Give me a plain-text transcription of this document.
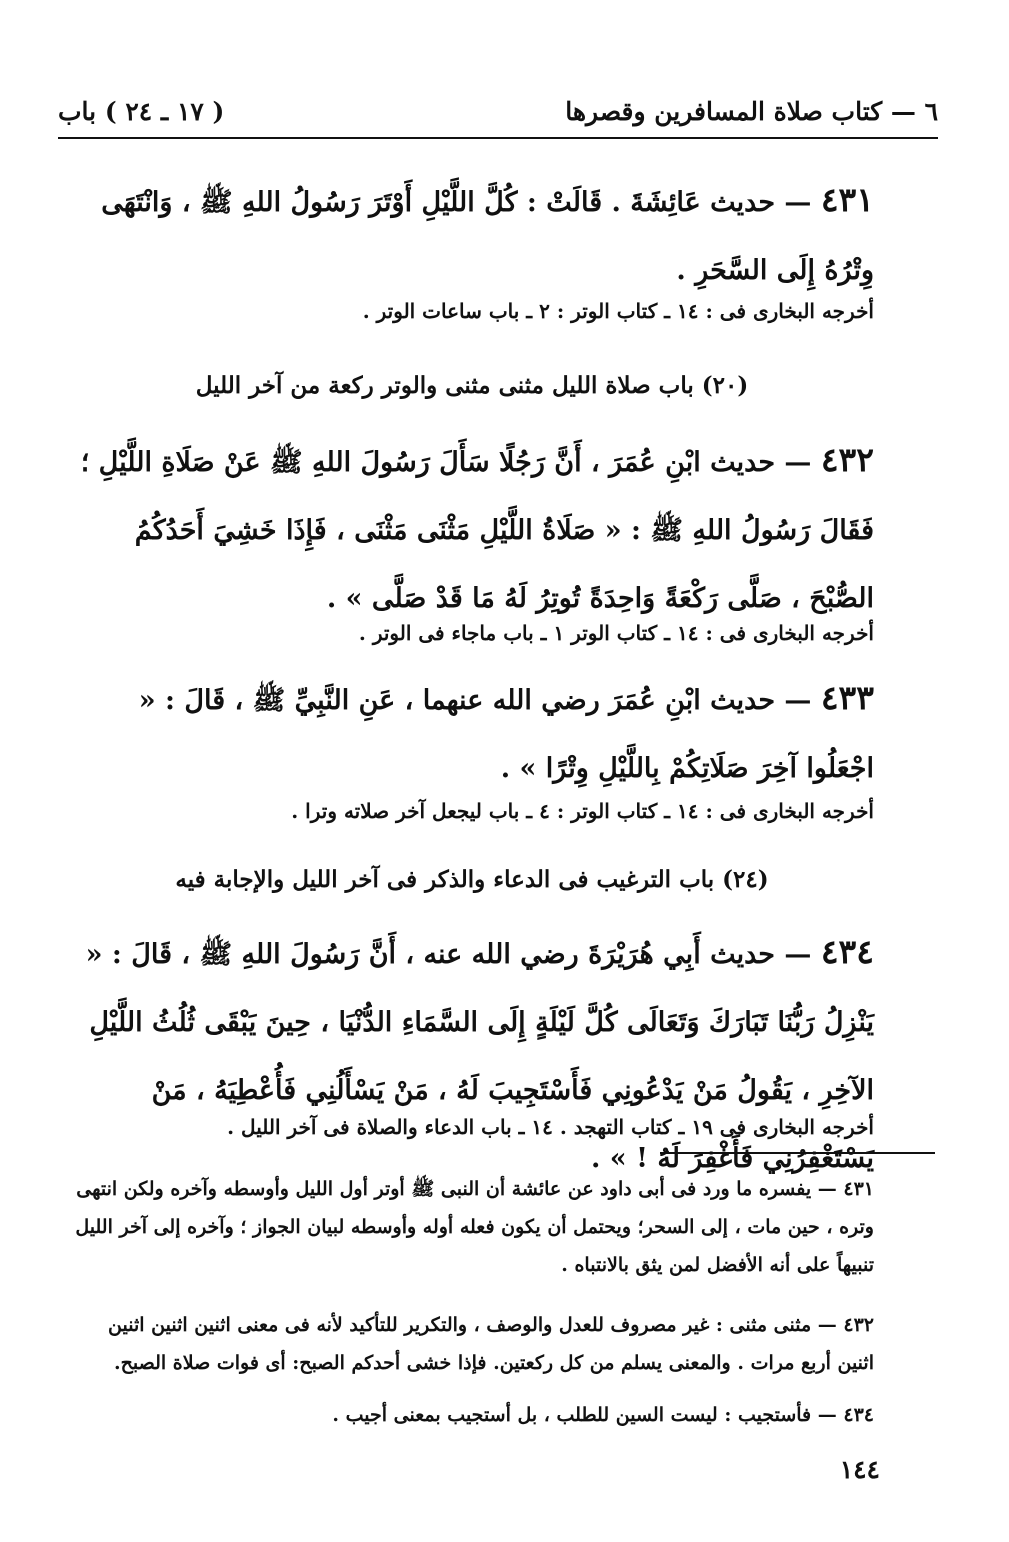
٦ — كتاب صلاة المسافرين وقصرها
( ١٧ ـ ٢٤ ) باب
٤٣١ — حديث عَائِشَةَ . قَالَتْ : كُلَّ اللَّيْلِ أَوْتَرَ رَسُولُ اللهِ ﷺ ، وَانْتَهَى وِتْرُهُ إِلَى السَّحَرِ .
أخرجه البخارى فى : ١٤ ـ كتاب الوتر : ٢ ـ باب ساعات الوتر .
(٢٠) باب صلاة الليل مثنى مثنى والوتر ركعة من آخر الليل
٤٣٢ — حديث ابْنِ عُمَرَ ، أَنَّ رَجُلًا سَأَلَ رَسُولَ اللهِ ﷺ عَنْ صَلَاةِ اللَّيْلِ ؛ فَقَالَ رَسُولُ اللهِ ﷺ : « صَلَاةُ اللَّيْلِ مَثْنَى مَثْنَى ، فَإِذَا خَشِيَ أَحَدُكُمُ الصُّبْحَ ، صَلَّى رَكْعَةً وَاحِدَةً تُوتِرُ لَهُ مَا قَدْ صَلَّى » .
أخرجه البخارى فى : ١٤ ـ كتاب الوتر ١ ـ باب ماجاء فى الوتر .
٤٣٣ — حديث ابْنِ عُمَرَ رضي الله عنهما ، عَنِ النَّبِيِّ ﷺ ، قَالَ : « اجْعَلُوا آخِرَ صَلَاتِكُمْ بِاللَّيْلِ وِتْرًا » .
أخرجه البخارى فى : ١٤ ـ كتاب الوتر : ٤ ـ باب ليجعل آخر صلاته وترا .
(٢٤) باب الترغيب فى الدعاء والذكر فى آخر الليل والإجابة فيه
٤٣٤ — حديث أَبِي هُرَيْرَةَ رضي الله عنه ، أَنَّ رَسُولَ اللهِ ﷺ ، قَالَ : « يَنْزِلُ رَبُّنَا تَبَارَكَ وَتَعَالَى كُلَّ لَيْلَةٍ إِلَى السَّمَاءِ الدُّنْيَا ، حِينَ يَبْقَى ثُلُثُ اللَّيْلِ الآخِرِ ، يَقُولُ مَنْ يَدْعُونِي فَأَسْتَجِيبَ لَهُ ، مَنْ يَسْأَلُنِي فَأُعْطِيَهُ ، مَنْ يَسْتَغْفِرُنِي فَأَغْفِرَ لَهُ ! » .
أخرجه البخارى فى ١٩ ـ كتاب التهجد . ١٤ ـ باب الدعاء والصلاة فى آخر الليل .
٤٣١ — يفسره ما ورد فى أبى داود عن عائشة أن النبى ﷺ أوتر أول الليل وأوسطه وآخره ولكن انتهى وتره ، حين مات ، إلى السحر؛ ويحتمل أن يكون فعله أوله وأوسطه لبيان الجواز ؛ وآخره إلى آخر الليل تنبيهاً على أنه الأفضل لمن يثق بالانتباه .
٤٣٢ — مثنى مثنى : غير مصروف للعدل والوصف ، والتكرير للتأكيد لأنه فى معنى اثنين اثنين اثنين اثنين أربع مرات . والمعنى يسلم من كل ركعتين. فإذا خشى أحدكم الصبح: أى فوات صلاة الصبح.
٤٣٤ — فأستجيب : ليست السين للطلب ، بل أستجيب بمعنى أجيب .
١٤٤
